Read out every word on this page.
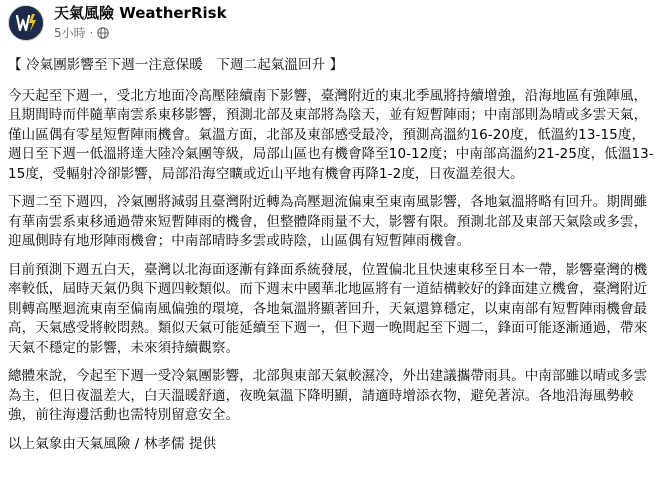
天氣風險 WeatherRisk
5小時 ·

【 冷氣團影響至下週一注意保暖　下週二起氣溫回升 】

今天起至下週一，受北方地面冷高壓陸續南下影響，臺灣附近的東北季風將持續增強，沿海地區有強陣風，且期間時而伴隨華南雲系東移影響，預測北部及東部將為陰天，並有短暫陣雨；中南部則為晴或多雲天氣，僅山區偶有零星短暫陣雨機會。氣溫方面，北部及東部感受最冷，預測高溫約16-20度，低溫約13-15度，週日至下週一低溫將達大陸冷氣團等級，局部山區也有機會降至10-12度；中南部高溫約21-25度，低溫13-15度，受輻射冷卻影響，局部沿海空曠或近山平地有機會再降1-2度，日夜溫差很大。

下週二至下週四，冷氣團將減弱且臺灣附近轉為高壓迴流偏東至東南風影響，各地氣溫將略有回升。期間雖有華南雲系東移通過帶來短暫陣雨的機會，但整體降雨量不大，影響有限。預測北部及東部天氣陰或多雲，迎風側時有地形陣雨機會；中南部晴時多雲或時陰，山區偶有短暫陣雨機會。

目前預測下週五白天，臺灣以北海面逐漸有鋒面系統發展，位置偏北且快速東移至日本一帶，影響臺灣的機率較低，屆時天氣仍與下週四較類似。而下週末中國華北地區將有一道結構較好的鋒面建立機會，臺灣附近則轉高壓迴流東南至偏南風偏強的環境，各地氣溫將顯著回升，天氣還算穩定，以東南部有短暫陣雨機會最高，天氣感受將較悶熱。類似天氣可能延續至下週一，但下週一晚間起至下週二，鋒面可能逐漸通過，帶來天氣不穩定的影響，未來須持續觀察。

總體來說，今起至下週一受冷氣團影響，北部與東部天氣較濕冷，外出建議攜帶雨具。中南部雖以晴或多雲為主，但日夜溫差大，白天溫暖舒適，夜晚氣溫下降明顯，請適時增添衣物，避免著涼。各地沿海風勢較強，前往海邊活動也需特別留意安全。

以上氣象由天氣風險 / 林孝儒 提供
